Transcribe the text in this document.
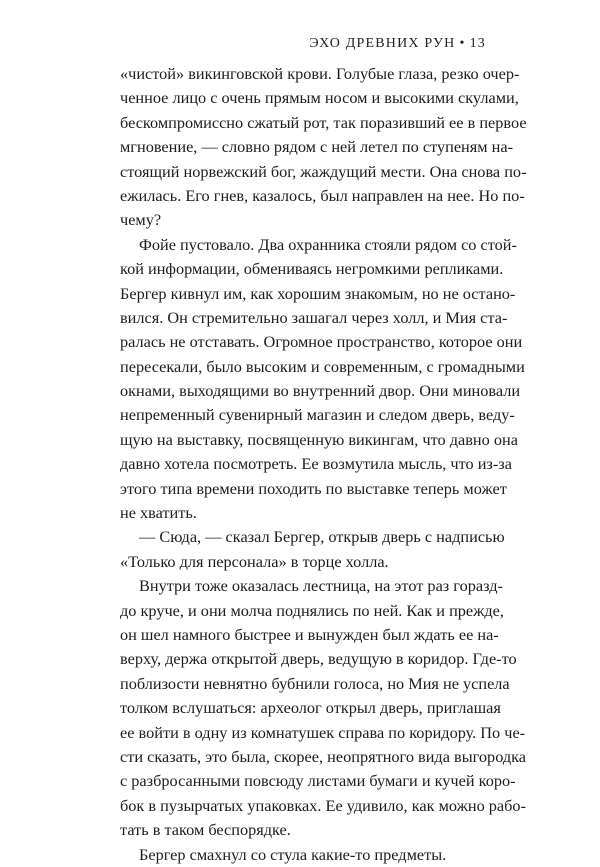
ЭХО ДРЕВНИХ РУН • 13
«чистой» викинговской крови. Голубые глаза, резко очер-
ченное лицо с очень прямым носом и высокими скулами,
бескомпромиссно сжатый рот, так поразивший ее в первое
мгновение, — словно рядом с ней летел по ступеням на-
стоящий норвежский бог, жаждущий мести. Она снова по-
ежилась. Его гнев, казалось, был направлен на нее. Но по-
чему?
Фойе пустовало. Два охранника стояли рядом со стой-
кой информации, обмениваясь негромкими репликами.
Бергер кивнул им, как хорошим знакомым, но не остано-
вился. Он стремительно зашагал через холл, и Мия ста-
ралась не отставать. Огромное пространство, которое они
пересекали, было высоким и современным, с громадными
окнами, выходящими во внутренний двор. Они миновали
непременный сувенирный магазин и следом дверь, веду-
щую на выставку, посвященную викингам, что давно она
давно хотела посмотреть. Ее возмутила мысль, что из-за
этого типа времени походить по выставке теперь может
не хватить.
— Сюда, — сказал Бергер, открыв дверь с надписью
«Только для персонала» в торце холла.
Внутри тоже оказалась лестница, на этот раз горазд-
до круче, и они молча поднялись по ней. Как и прежде,
он шел намного быстрее и вынужден был ждать ее на-
верху, держа открытой дверь, ведущую в коридор. Где-то
поблизости невнятно бубнили голоса, но Мия не успела
толком вслушаться: археолог открыл дверь, приглашая
ее войти в одну из комнатушек справа по коридору. По че-
сти сказать, это была, скорее, неопрятного вида выгородка
с разбросанными повсюду листами бумаги и кучей коро-
бок в пузырчатых упаковках. Ее удивило, как можно рабо-
тать в таком беспорядке.
Бергер смахнул со стула какие-то предметы.
